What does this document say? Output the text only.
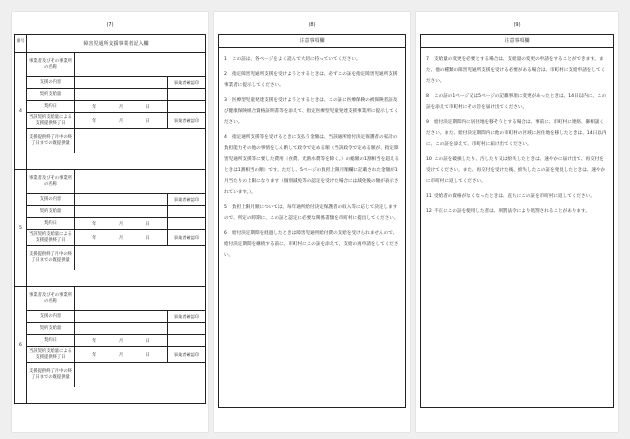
(7)
番号
障害児通所支援事業者記入欄
4
事業者及びその事業所の名称
支援の内容	事業者確認印
契約支給量
契約日	年	月	日
当該契約支給量による支援提供終了日	年	月	日	事業者確認印
支援提供終了月中の終了日までの既提供量
5
事業者及びその事業所の名称
支援の内容	事業者確認印
契約支給量
契約日	年	月	日
当該契約支給量による支援提供終了日	年	月	日	事業者確認印
支援提供終了月中の終了日までの既提供量
6
事業者及びその事業所の名称
支援の内容	事業者確認印
契約支給量
契約日	年	月	日
当該契約支給量による支援提供終了日	年	月	日	事業者確認印
支援提供終了月中の終了日までの既提供量
(8)
注意事項欄
1 この証は、各ページをよく読んで大切に持っていてください。
2 指定障害児通所支援を受けようとするときは、必ずこの証を指定障害児通所支援事業者に提示してください。
3 医療型児童発達支援を受けようとするときは、この証に医療保険の被保険者証及び健康保険組合資格証明書等を添えて、指定医療型児童発達支援事業所に提示してください。
4 指定通所支援等を受けるときに支払う金額は、当該通所給付決定保護者の家計の負担能力その他の事情をしん酌して政令で定める額（当該政令で定める額が、指定障害児通所支援等に要した費用（食費、光熱水費等を除く。）の総額の1割相当を超えるときは1割相当の額）です。ただし、5ページの負担上限月額欄に記載された金額が1月当たりの上限になります（個別減免等の認定を受けた場合には減免後の額が表示されています。）。
5 負担上限月額については、毎年通所給付決定保護者の収入等に応じて決定しますので、所定の時期に、この証と認定に必要な関係書類を市町村に提出してください。
6 給付決定期間を経過したときは障害児通所給付費の支給を受けられませんので、給付決定期間を継続する前に、市町村にこの証を添えて、支給の再申請をしてください。
(9)
注意事項欄
7 支給量の変更を必要とする場合は、支給量の変更の申請をすることができます。また、他の種類の障害児通所支援を受ける必要がある場合は、市町村に支給申請をしてください。
8 この証の1ページ又は5ページの記載事項に変更があったときは、14日以内に、この証を添えて市町村にその旨を届け出てください。
9 給付決定期間内に居住地を移そうとする場合は、事前に、市町村に連絡、御相談ください。また、給付決定期間内に他の市町村の区域に居住地を移したときは、14日以内に、この証を添えて、市町村に届け出てください。
10 この証を破損したり、汚したり又は紛失したときは、速やかに届け出て、再交付を受けてください。また、再交付を受けた後、紛失したこの証を発見したときは、速やかに市町村に返してください。
11 受給者の資格がなくなったときは、直ちにこの証を市町村に返してください。
12 不正にこの証を使用した者は、刑罰法令により処罰されることがあります。
